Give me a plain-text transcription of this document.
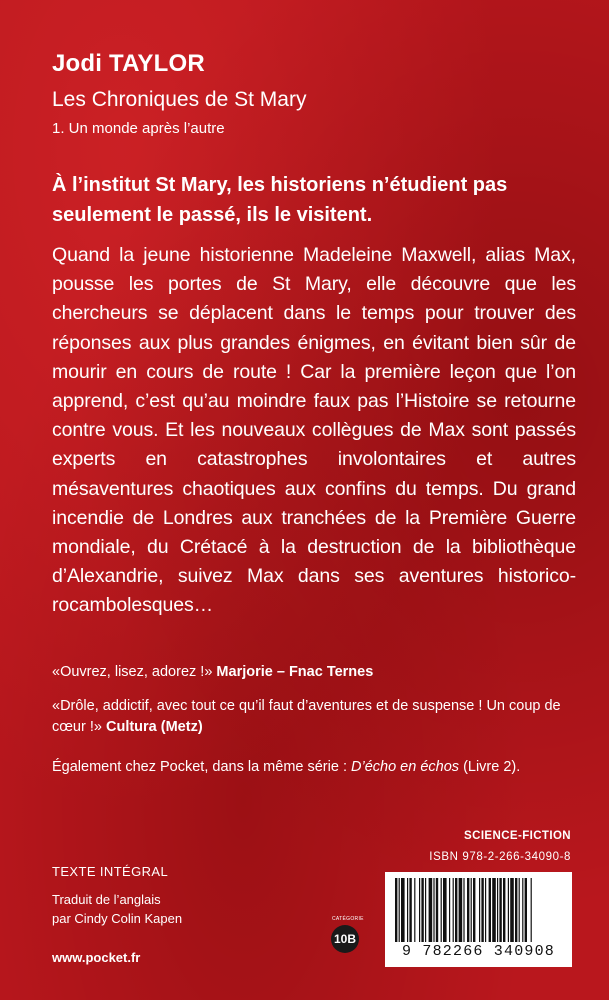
Jodi TAYLOR
Les Chroniques de St Mary
1. Un monde après l’autre
À l’institut St Mary, les historiens n’étudient pas seulement le passé, ils le visitent.
Quand la jeune historienne Madeleine Maxwell, alias Max, pousse les portes de St Mary, elle découvre que les chercheurs se déplacent dans le temps pour trouver des réponses aux plus grandes énigmes, en évitant bien sûr de mourir en cours de route ! Car la première leçon que l’on apprend, c’est qu’au moindre faux pas l’Histoire se retourne contre vous. Et les nouveaux collègues de Max sont passés experts en catastrophes involontaires et autres mésaventures chaotiques aux confins du temps. Du grand incendie de Londres aux tranchées de la Première Guerre mondiale, du Crétacé à la destruction de la bibliothèque d’Alexandrie, suivez Max dans ses aventures historico-rocambolesques…
«Ouvrez, lisez, adorez !» Marjorie – Fnac Ternes
«Drôle, addictif, avec tout ce qu’il faut d’aventures et de suspense ! Un coup de cœur !» Cultura (Metz)
Également chez Pocket, dans la même série : D’écho en échos (Livre 2).
TEXTE INTÉGRAL
Traduit de l’anglais
par Cindy Colin Kapen
www.pocket.fr
SCIENCE-FICTION
ISBN 978-2-266-34090-8
CATÉGORIE
10B
9 782266 340908
